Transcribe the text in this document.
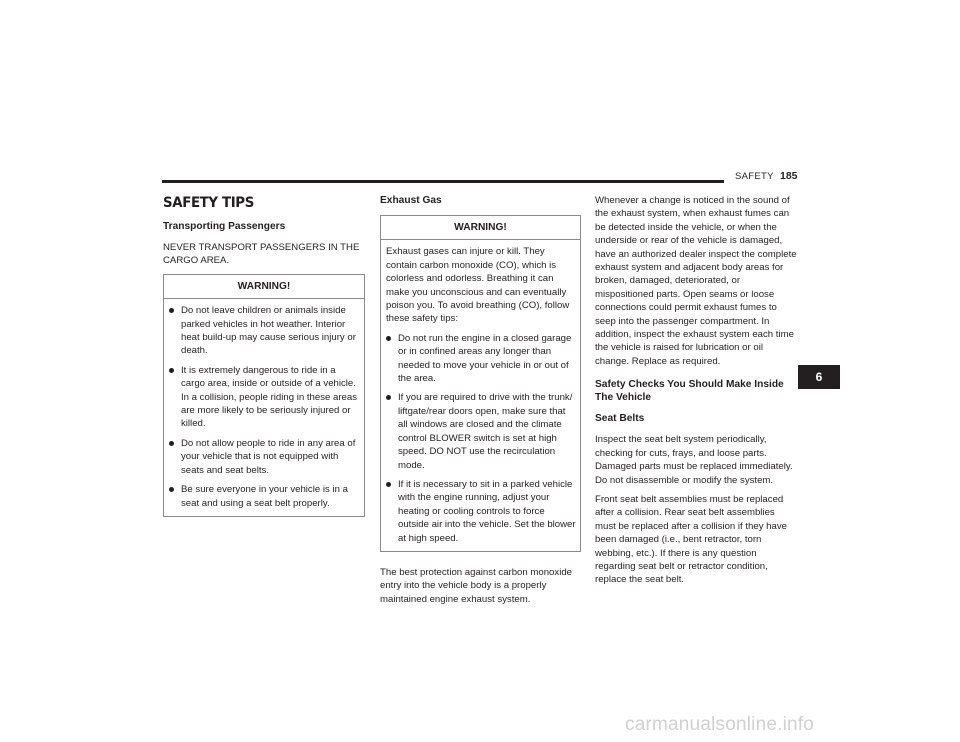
SAFETY 185
SAFETY TIPS
Transporting Passengers

NEVER TRANSPORT PASSENGERS IN THE CARGO AREA.

WARNING!
Do not leave children or animals inside parked vehicles in hot weather. Interior heat build-up may cause serious injury or death.
It is extremely dangerous to ride in a cargo area, inside or outside of a vehicle. In a collision, people riding in these areas are more likely to be seriously injured or killed.
Do not allow people to ride in any area of your vehicle that is not equipped with seats and seat belts.
Be sure everyone in your vehicle is in a seat and using a seat belt properly.
Exhaust Gas
WARNING!

Exhaust gases can injure or kill. They contain carbon monoxide (CO), which is colorless and odorless. Breathing it can make you unconscious and can eventually poison you. To avoid breathing (CO), follow these safety tips:

Do not run the engine in a closed garage or in confined areas any longer than needed to move your vehicle in or out of the area.
If you are required to drive with the trunk/ liftgate/rear doors open, make sure that all windows are closed and the climate control BLOWER switch is set at high speed. DO NOT use the recirculation mode.
If it is necessary to sit in a parked vehicle with the engine running, adjust your heating or cooling controls to force outside air into the vehicle. Set the blower at high speed.

The best protection against carbon monoxide entry into the vehicle body is a properly maintained engine exhaust system.

Whenever a change is noticed in the sound of the exhaust system, when exhaust fumes can be detected inside the vehicle, or when the underside or rear of the vehicle is damaged, have an authorized dealer inspect the complete exhaust system and adjacent body areas for broken, damaged, deteriorated, or mispositioned parts. Open seams or loose connections could permit exhaust fumes to seep into the passenger compartment. In addition, inspect the exhaust system each time the vehicle is raised for lubrication or oil change. Replace as required.

Safety Checks You Should Make Inside The Vehicle
Seat Belts

Inspect the seat belt system periodically, checking for cuts, frays, and loose parts. Damaged parts must be replaced immediately. Do not disassemble or modify the system.

Front seat belt assemblies must be replaced after a collision. Rear seat belt assemblies must be replaced after a collision if they have been damaged (i.e., bent retractor, torn webbing, etc.). If there is any question regarding seat belt or retractor condition, replace the seat belt.

6
carmanualsonline.info
